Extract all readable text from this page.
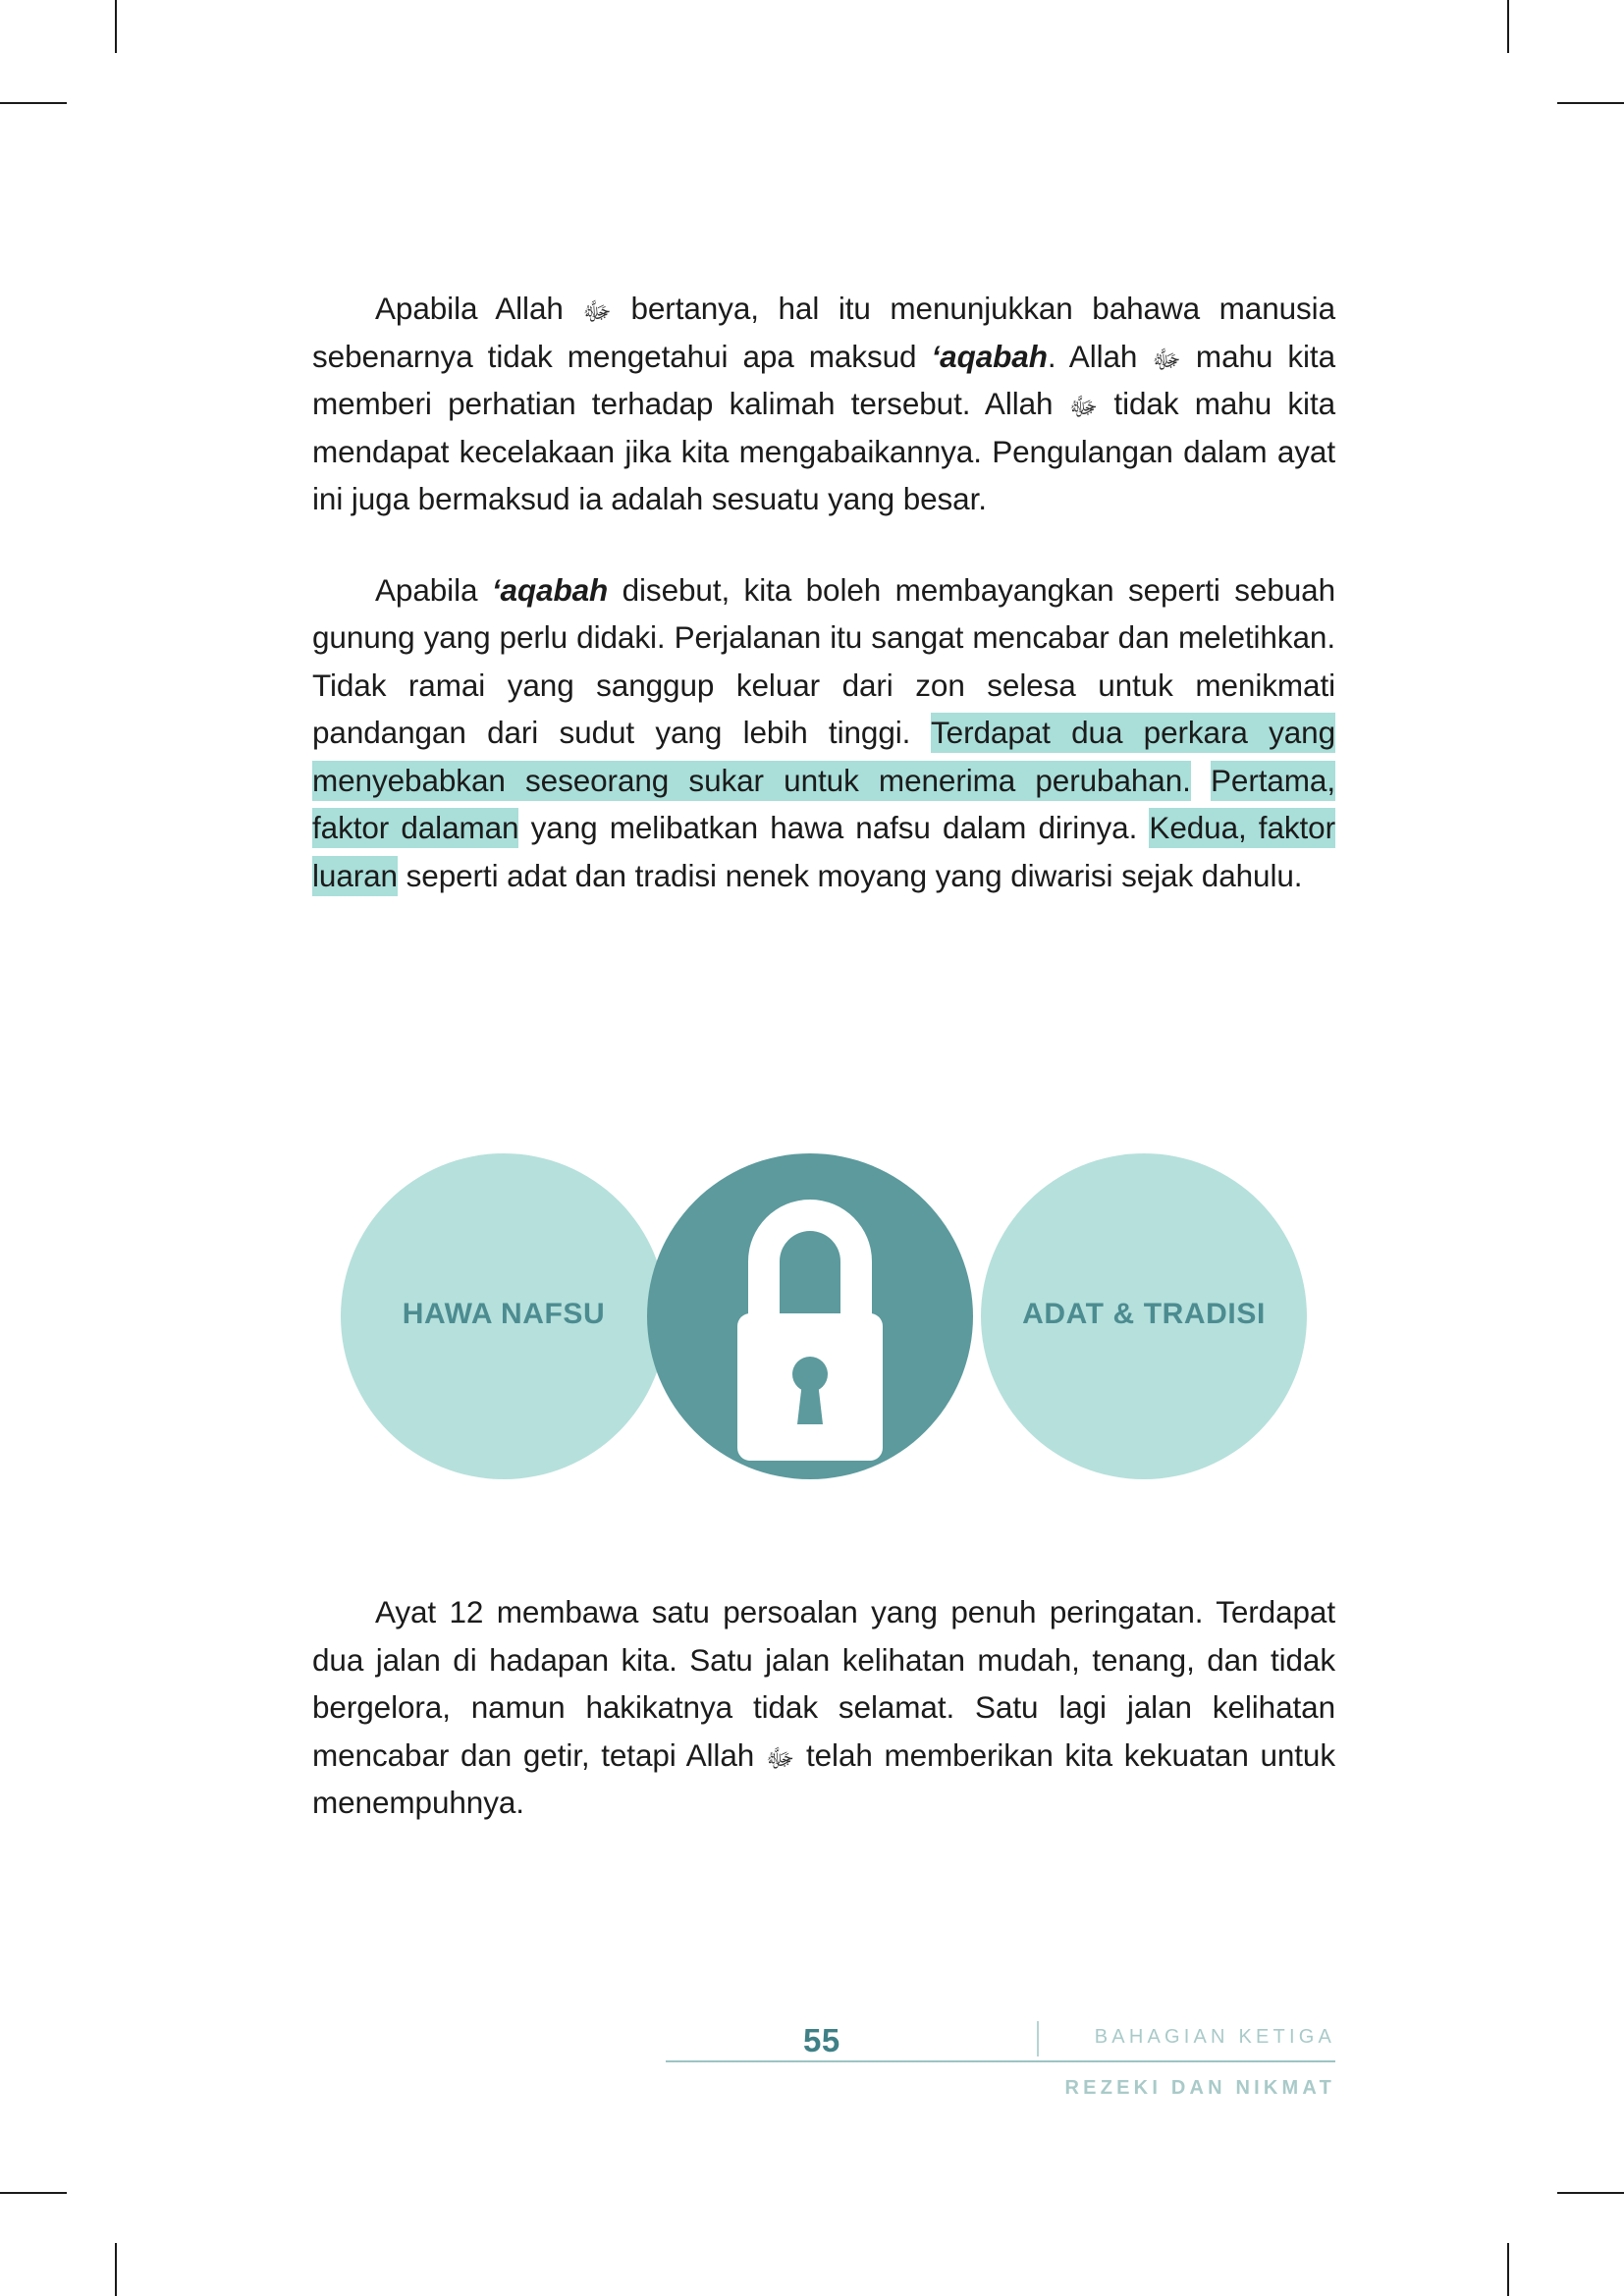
Apabila Allah ﷻ bertanya, hal itu menunjukkan bahawa manusia sebenarnya tidak mengetahui apa maksud ‘aqabah. Allah ﷻ mahu kita memberi perhatian terhadap kalimah tersebut. Allah ﷻ tidak mahu kita mendapat kecelakaan jika kita mengabaikannya. Pengulangan dalam ayat ini juga bermaksud ia adalah sesuatu yang besar.

Apabila ‘aqabah disebut, kita boleh membayangkan seperti sebuah gunung yang perlu didaki. Perjalanan itu sangat mencabar dan meletihkan. Tidak ramai yang sanggup keluar dari zon selesa untuk menikmati pandangan dari sudut yang lebih tinggi. Terdapat dua perkara yang menyebabkan seseorang sukar untuk menerima perubahan. Pertama, faktor dalaman yang melibatkan hawa nafsu dalam dirinya. Kedua, faktor luaran seperti adat dan tradisi nenek moyang yang diwarisi sejak dahulu.

HAWA NAFSU	ADAT & TRADISI

Ayat 12 membawa satu persoalan yang penuh peringatan. Terdapat dua jalan di hadapan kita. Satu jalan kelihatan mudah, tenang, dan tidak bergelora, namun hakikatnya tidak selamat. Satu lagi jalan kelihatan mencabar dan getir, tetapi Allah ﷻ telah memberikan kita kekuatan untuk menempuhnya.

55	BAHAGIAN KETIGA
REZEKI DAN NIKMAT
